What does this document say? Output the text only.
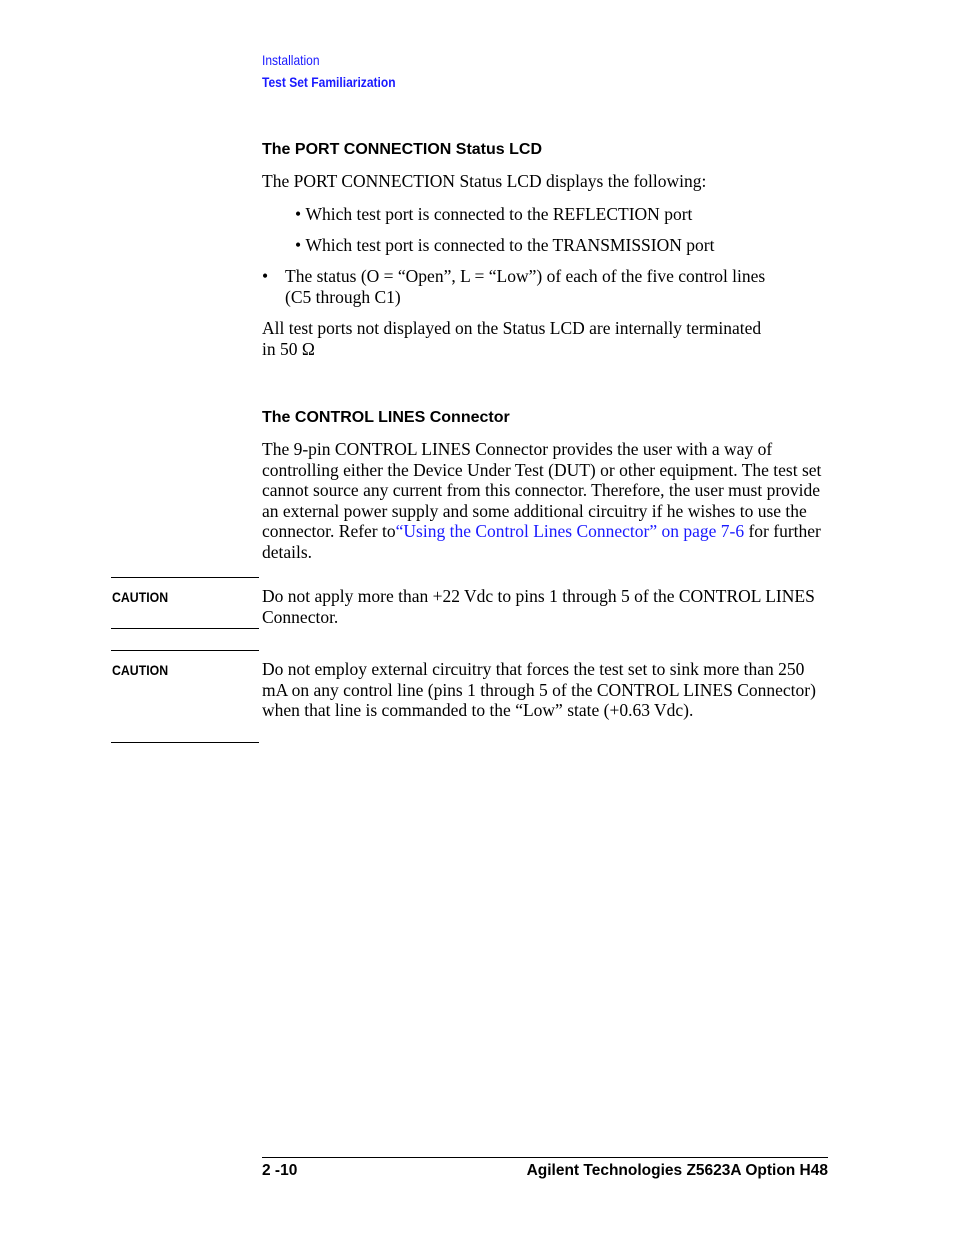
Installation
Test Set Familiarization
The PORT CONNECTION Status LCD
The PORT CONNECTION Status LCD displays the following:
• Which test port is connected to the REFLECTION port
• Which test port is connected to the TRANSMISSION port
• The status (O = “Open”, L = “Low”) of each of the five control lines
(C5 through C1)
All test ports not displayed on the Status LCD are internally terminated in 50 Ω
The CONTROL LINES Connector
The 9-pin CONTROL LINES Connector provides the user with a way of controlling either the Device Under Test (DUT) or other equipment. The test set cannot source any current from this connector. Therefore, the user must provide an external power supply and some additional circuitry if he wishes to use the connector. Refer to“Using the Control Lines Connector” on page 7-6 for further details.
CAUTION	Do not apply more than +22 Vdc to pins 1 through 5 of the CONTROL LINES Connector.
CAUTION	Do not employ external circuitry that forces the test set to sink more than 250 mA on any control line (pins 1 through 5 of the CONTROL LINES Connector) when that line is commanded to the “Low” state (+0.63 Vdc).
2 -10	Agilent Technologies Z5623A Option H48
